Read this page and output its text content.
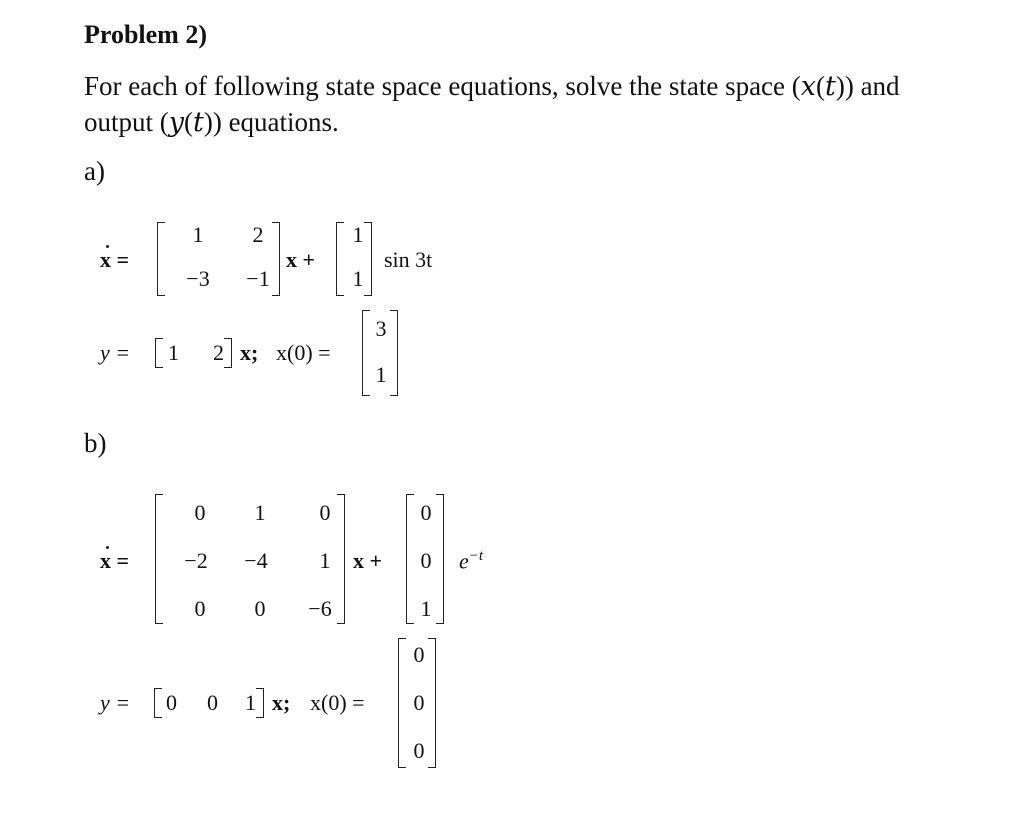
Problem 2)
For each of following state space equations, solve the state space (𝑥(𝑡)) and
output (𝑦(𝑡)) equations.
a)
x =
1	2
−3	−1
x +
1
1
sin 3t
y = 1 2 x; x(0) =
3
1
b)
x =
0	1	0
−2	−4	1
0	0	−6
x +
0
0
1
$e^{-t}$
y = 0 0 1 x; x(0) =
0
0
0
